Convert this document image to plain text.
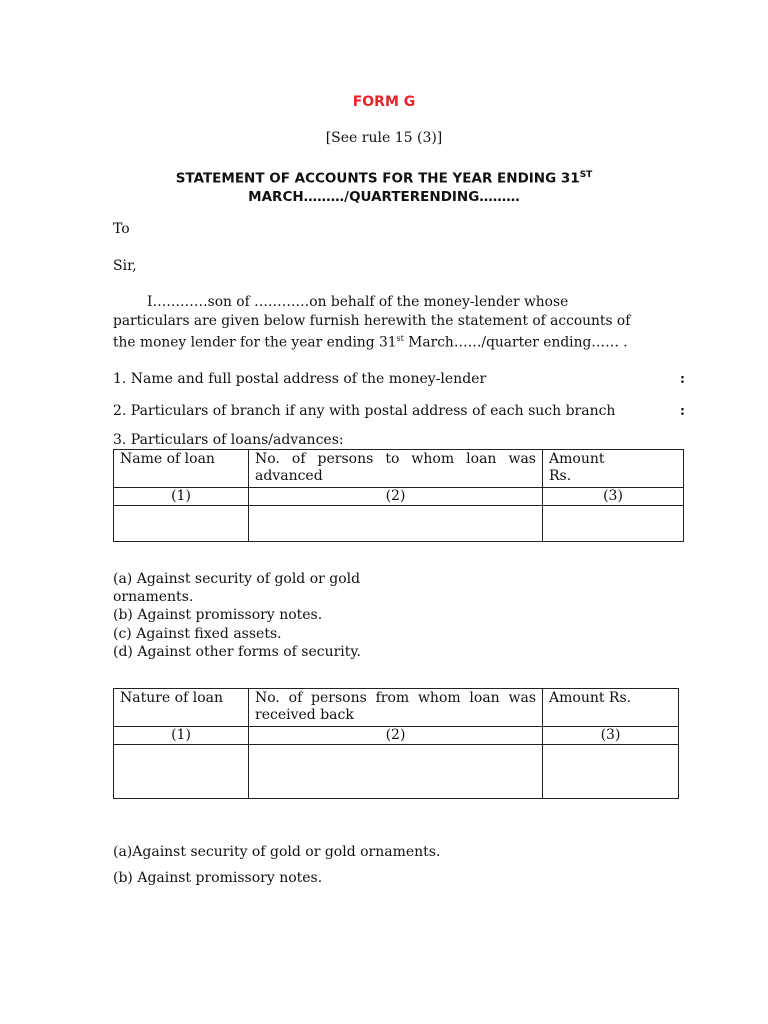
FORM G
[See rule 15 (3)]
STATEMENT OF ACCOUNTS FOR THE YEAR ENDING 31ST
MARCH………/QUARTERENDING………
To
Sir,
I…………son of …………on behalf of the money-lender whose
particulars are given below furnish herewith the statement of accounts of
the money lender for the year ending 31st March……/quarter ending…… .
1. Name and full postal address of the money-lender	:
2. Particulars of branch if any with postal address of each such branch	:
3. Particulars of loans/advances:
Name of loan	No. of persons to whom loan was advanced	Amount Rs.

(1)	(2)	(3)

(a) Against security of gold or gold
ornaments.
(b) Against promissory notes.
(c) Against fixed assets.
(d) Against other forms of security.
Nature of loan	No. of persons from whom loan was received back	Amount Rs.
(1)	(2)	(3)

(a)Against security of gold or gold ornaments.
(b) Against promissory notes.
